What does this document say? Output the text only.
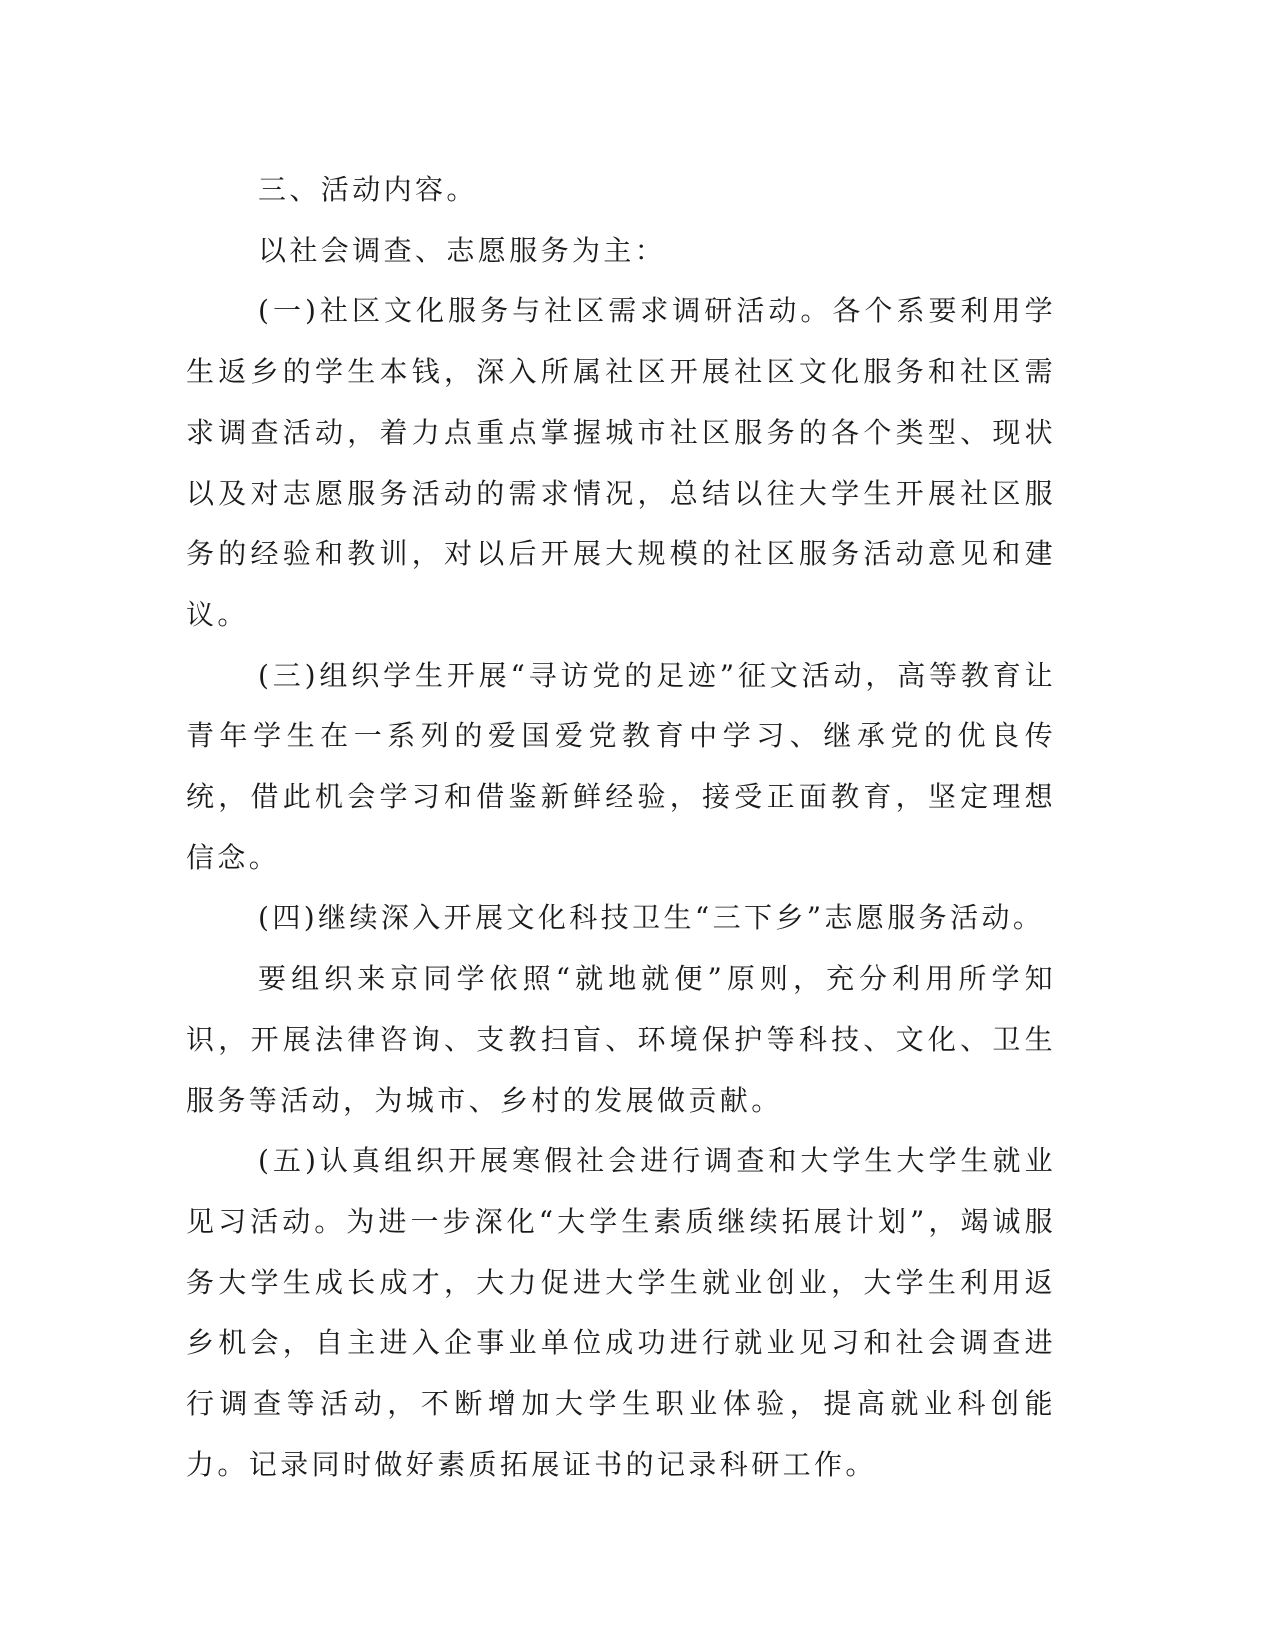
三、活动内容。

以社会调查、志愿服务为主：

(一)社区文化服务与社区需求调研活动。各个系要利用学生返乡的学生本钱，深入所属社区开展社区文化服务和社区需求调查活动，着力点重点掌握城市社区服务的各个类型、现状以及对志愿服务活动的需求情况，总结以往大学生开展社区服务的经验和教训，对以后开展大规模的社区服务活动意见和建议。

(三)组织学生开展“寻访党的足迹”征文活动，高等教育让青年学生在一系列的爱国爱党教育中学习、继承党的优良传统，借此机会学习和借鉴新鲜经验，接受正面教育，坚定理想信念。

(四)继续深入开展文化科技卫生“三下乡”志愿服务活动。

要组织来京同学依照“就地就便”原则，充分利用所学知识，开展法律咨询、支教扫盲、环境保护等科技、文化、卫生服务等活动，为城市、乡村的发展做贡献。

(五)认真组织开展寒假社会进行调查和大学生大学生就业见习活动。为进一步深化“大学生素质继续拓展计划”，竭诚服务大学生成长成才，大力促进大学生就业创业，大学生利用返乡机会，自主进入企事业单位成功进行就业见习和社会调查进行调查等活动，不断增加大学生职业体验，提高就业科创能力。记录同时做好素质拓展证书的记录科研工作。
